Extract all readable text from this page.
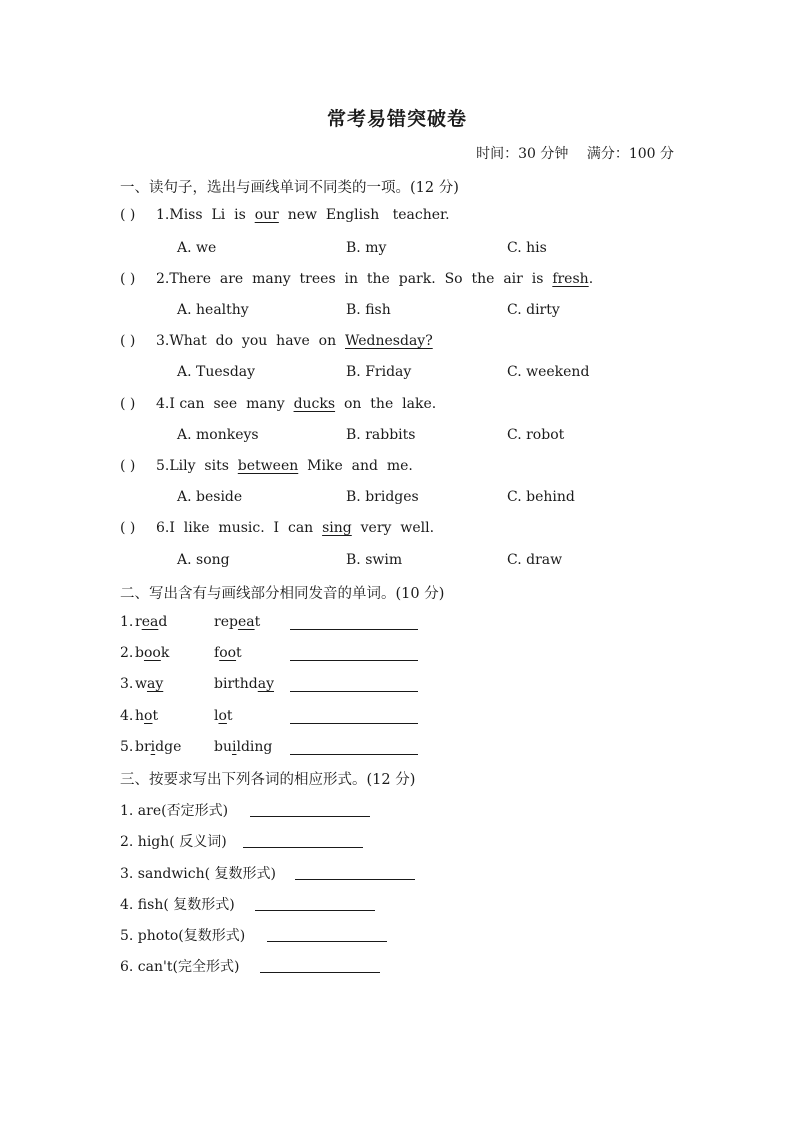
常考易错突破卷
时间：30 分钟 满分：100 分
一、读句子，选出与画线单词不同类的一项。(12 分)
( ) 1.Miss  Li  is  our  new  English   teacher.
A. we	B. my	C. his
( ) 2.There  are  many  trees  in  the  park.  So  the  air  is  fresh.
A. healthy	B. fish	C. dirty
( ) 3.What  do  you  have  on  Wednesday?
A. Tuesday	B. Friday	C. weekend
( ) 4.I can  see  many  ducks  on  the  lake.
A. monkeys	B. rabbits	C. robot
( ) 5.Lily  sits  between  Mike  and  me.
A. beside	B. bridges	C. behind
( ) 6.I  like  music.  I  can  sing  very  well.
A. song	B. swim	C. draw
二、写出含有与画线部分相同发音的单词。(10 分)
1. read	repeat
2. book	foot
3. way	birthday
4. hot	lot
5. bridge building
三、按要求写出下列各词的相应形式。(12 分)
1. are(否定形式)
2. high( 反义词)
3. sandwich( 复数形式)
4. fish( 复数形式)
5. photo(复数形式)
6. can't(完全形式)
